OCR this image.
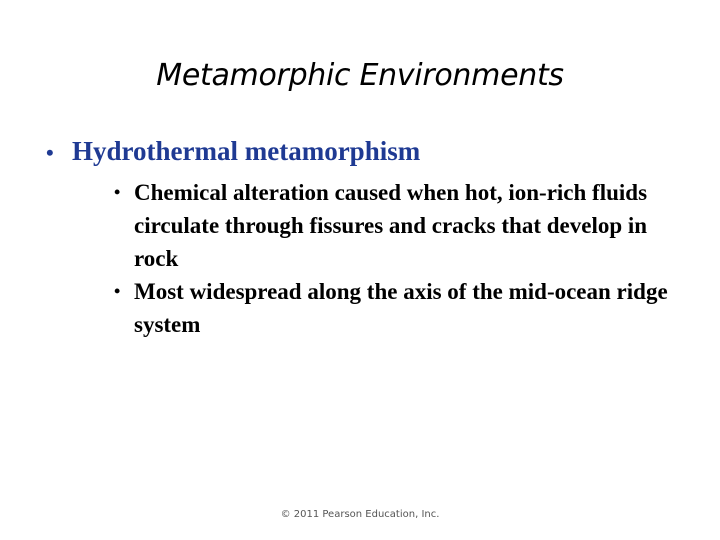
Metamorphic Environments
• Hydrothermal metamorphism
• Chemical alteration caused when hot, ion-rich fluids circulate through fissures and cracks that develop in rock
• Most widespread along the axis of the mid-ocean ridge system
© 2011 Pearson Education, Inc.
